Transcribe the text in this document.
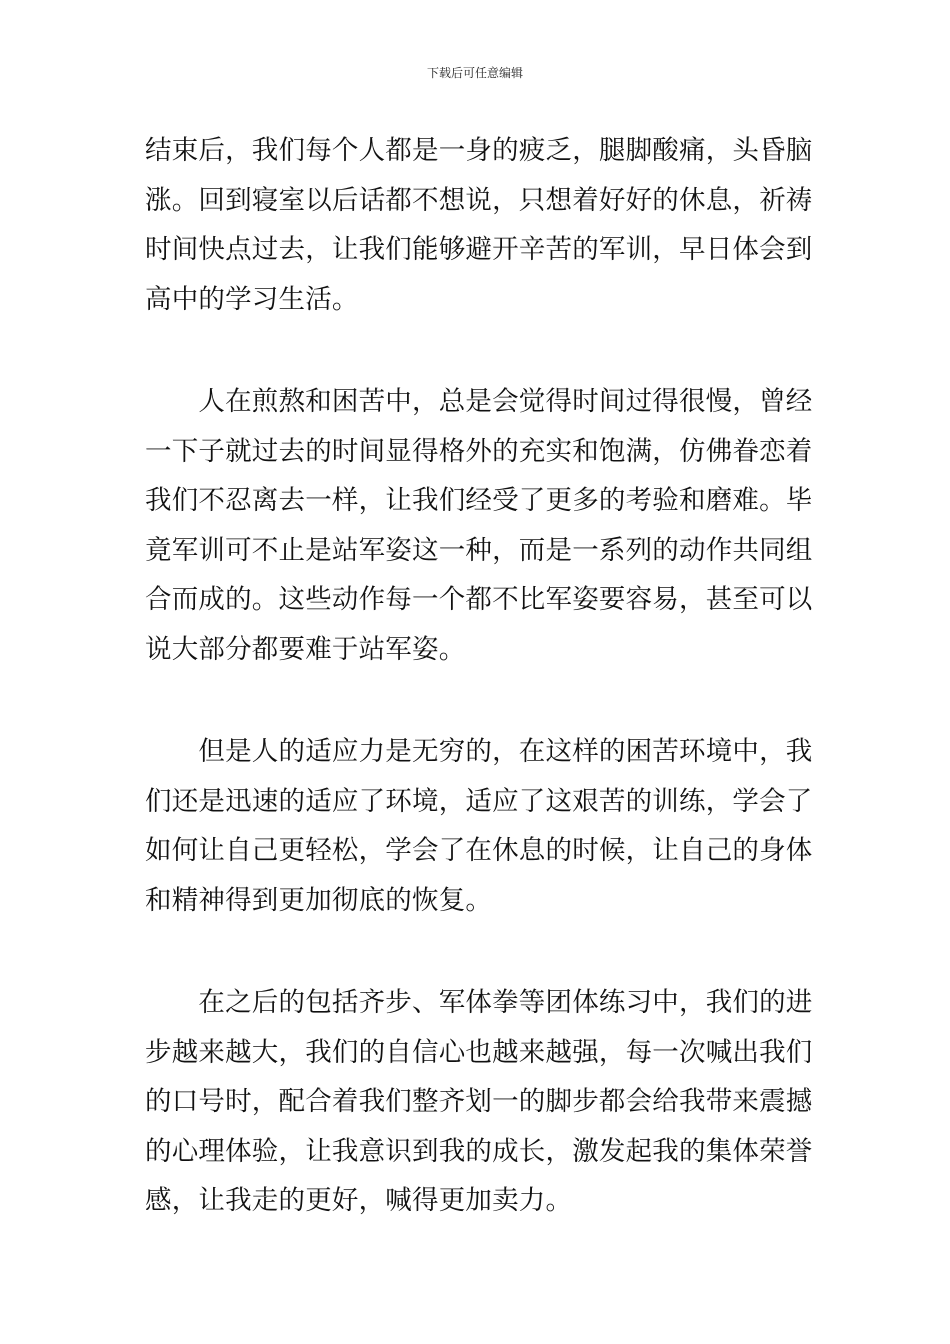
下载后可任意编辑

结束后，我们每个人都是一身的疲乏，腿脚酸痛，头昏脑
涨。回到寝室以后话都不想说，只想着好好的休息，祈祷
时间快点过去，让我们能够避开辛苦的军训，早日体会到
高中的学习生活。

　　人在煎熬和困苦中，总是会觉得时间过得很慢，曾经
一下子就过去的时间显得格外的充实和饱满，仿佛眷恋着
我们不忍离去一样，让我们经受了更多的考验和磨难。毕
竟军训可不止是站军姿这一种，而是一系列的动作共同组
合而成的。这些动作每一个都不比军姿要容易，甚至可以
说大部分都要难于站军姿。

　　但是人的适应力是无穷的，在这样的困苦环境中，我
们还是迅速的适应了环境，适应了这艰苦的训练，学会了
如何让自己更轻松，学会了在休息的时候，让自己的身体
和精神得到更加彻底的恢复。

　　在之后的包括齐步、军体拳等团体练习中，我们的进
步越来越大，我们的自信心也越来越强，每一次喊出我们
的口号时，配合着我们整齐划一的脚步都会给我带来震撼
的心理体验，让我意识到我的成长，激发起我的集体荣誉
感，让我走的更好，喊得更加卖力。
